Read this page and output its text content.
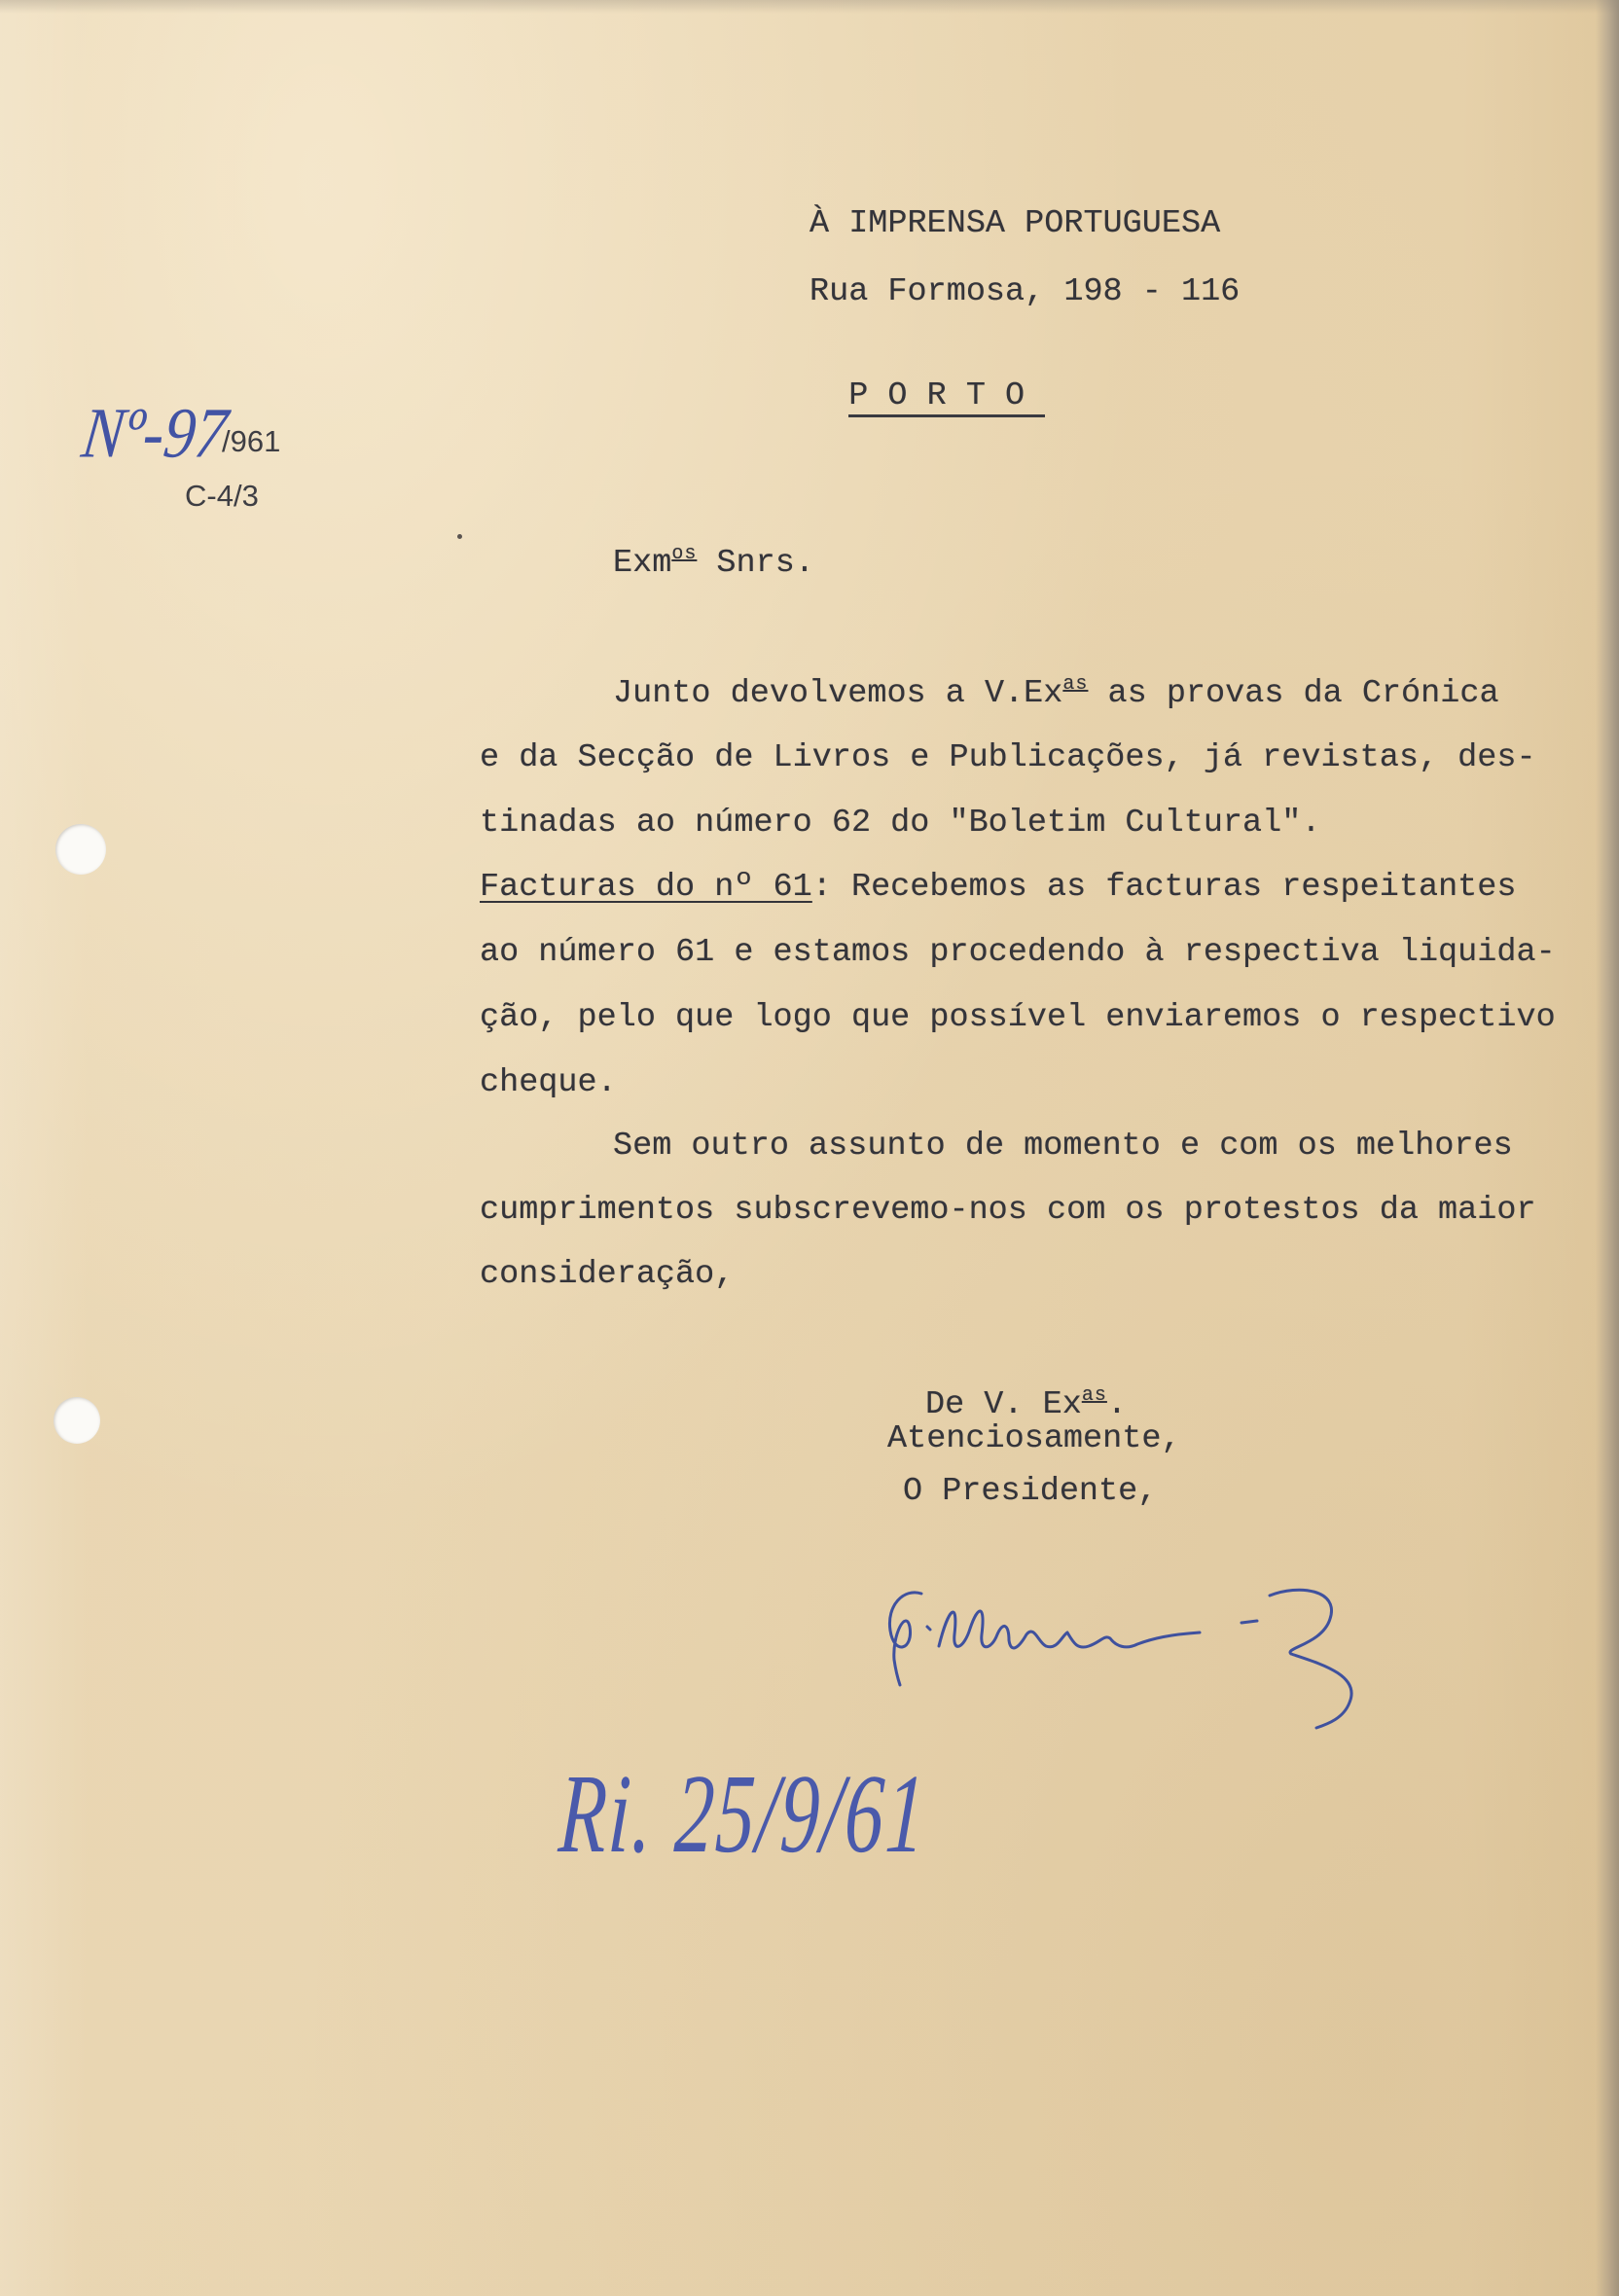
Nº-97
/961
C-4/3
À IMPRENSA PORTUGUESA
Rua Formosa, 198 - 116

P O R T O

Exm$^{os}$ Snrs.
Junto devolvemos a $V.Ex^{as}$ as provas da Crónica
e da Secção de Livros e Publicações, já revistas, des-
tinadas ao número 62 do "Boletim Cultural".
Facturas do nº 61: Recebemos as facturas respeitantes
ao número 61 e estamos procedendo à respectiva liquida-
ção, pelo que logo que possível enviaremos o respectivo
cheque.
Sem outro assunto de momento e com os melhores
cumprimentos subscrevemo-nos com os protestos da maior
consideração,
De V. $Ex^{as}$.
Atenciosamente,
O Presidente,
Ri. 25/9/61
